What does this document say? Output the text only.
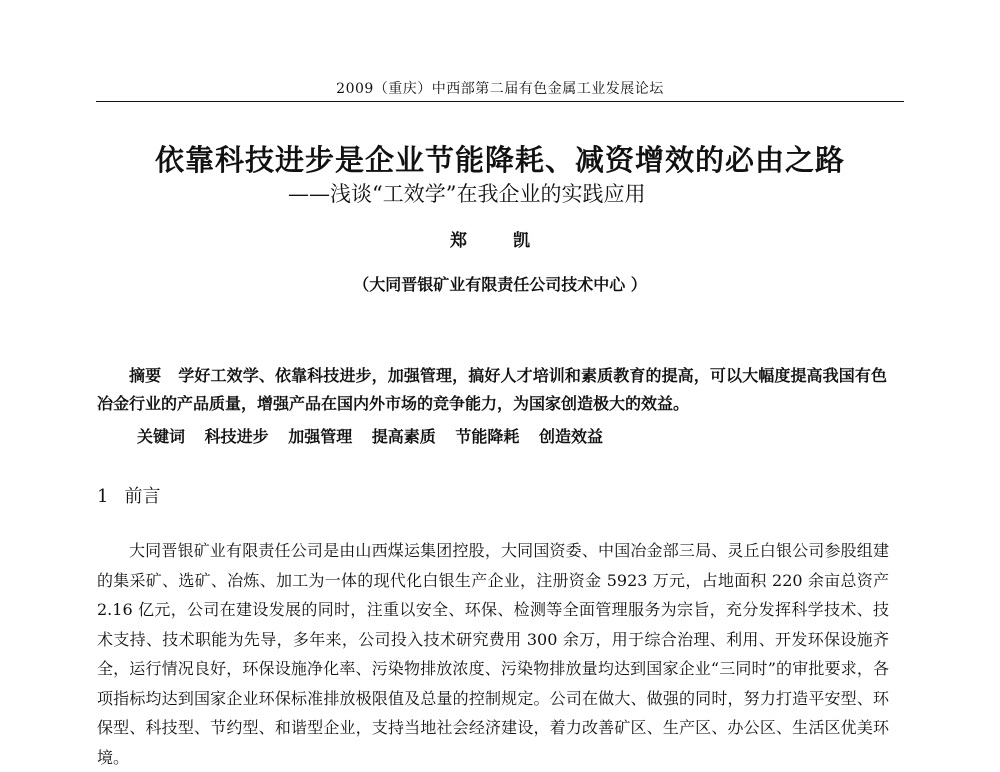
2009（重庆）中西部第二届有色金属工业发展论坛
依靠科技进步是企业节能降耗、减资增效的必由之路
——浅谈“工效学”在我企业的实践应用
郑 凯
（大同晋银矿业有限责任公司技术中心 ）

摘要 学好工效学、依靠科技进步，加强管理，搞好人才培训和素质教育的提高，可以大幅度提高我国有色冶金行业的产品质量，增强产品在国内外市场的竞争能力，为国家创造极大的效益。

关键词 科技进步 加强管理 提高素质 节能降耗 创造效益
1 前言

大同晋银矿业有限责任公司是由山西煤运集团控股，大同国资委、中国冶金部三局、灵丘白银公司参股组建的集采矿、选矿、冶炼、加工为一体的现代化白银生产企业，注册资金 5923 万元，占地面积 220 余亩总资产 2.16 亿元，公司在建设发展的同时，注重以安全、环保、检测等全面管理服务为宗旨，充分发挥科学技术、技术支持、技术职能为先导，多年来，公司投入技术研究费用 300 余万，用于综合治理、利用、开发环保设施齐全，运行情况良好，环保设施净化率、污染物排放浓度、污染物排放量均达到国家企业“三同时”的审批要求，各项指标均达到国家企业环保标准排放极限值及总量的控制规定。公司在做大、做强的同时，努力打造平安型、环保型、科技型、节约型、和谐型企业，支持当地社会经济建设，着力改善矿区、生产区、办公区、生活区优美环境。
